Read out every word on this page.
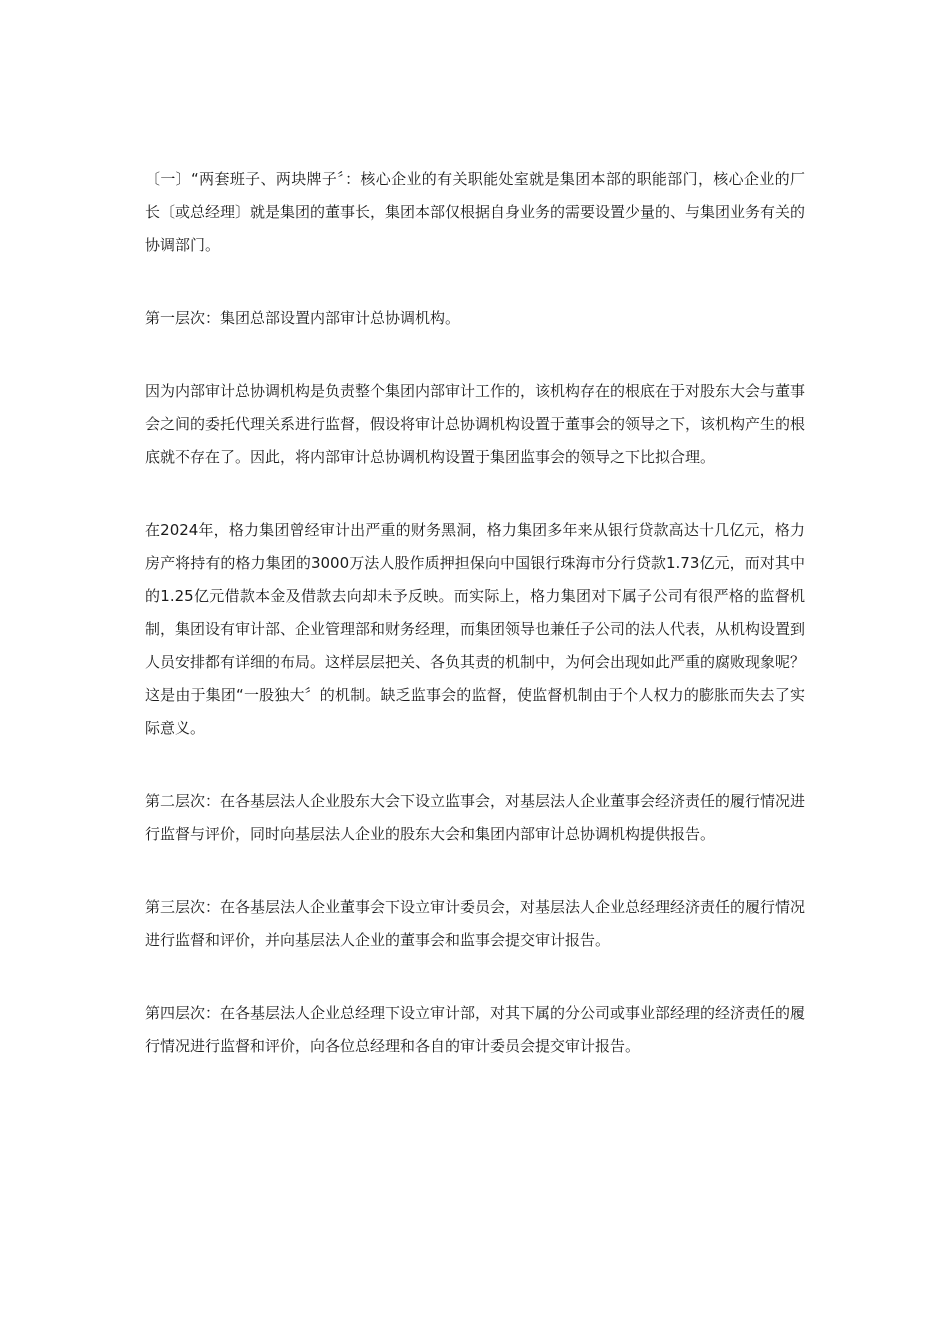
〔一〕“两套班子、两块牌子〞：核心企业的有关职能处室就是集团本部的职能部门，核心企业的厂长〔或总经理〕就是集团的董事长，集团本部仅根据自身业务的需要设置少量的、与集团业务有关的协调部门。

第一层次：集团总部设置内部审计总协调机构。

因为内部审计总协调机构是负责整个集团内部审计工作的，该机构存在的根底在于对股东大会与董事会之间的委托代理关系进行监督，假设将审计总协调机构设置于董事会的领导之下，该机构产生的根底就不存在了。因此，将内部审计总协调机构设置于集团监事会的领导之下比拟合理。

在2024年，格力集团曾经审计出严重的财务黑洞，格力集团多年来从银行贷款高达十几亿元，格力房产将持有的格力集团的3000万法人股作质押担保向中国银行珠海市分行贷款1.73亿元，而对其中的1.25亿元借款本金及借款去向却未予反映。而实际上，格力集团对下属子公司有很严格的监督机制，集团设有审计部、企业管理部和财务经理，而集团领导也兼任子公司的法人代表，从机构设置到人员安排都有详细的布局。这样层层把关、各负其责的机制中，为何会出现如此严重的腐败现象呢？这是由于集团“一股独大〞的机制。缺乏监事会的监督，使监督机制由于个人权力的膨胀而失去了实际意义。

第二层次：在各基层法人企业股东大会下设立监事会，对基层法人企业董事会经济责任的履行情况进行监督与评价，同时向基层法人企业的股东大会和集团内部审计总协调机构提供报告。

第三层次：在各基层法人企业董事会下设立审计委员会，对基层法人企业总经理经济责任的履行情况进行监督和评价，并向基层法人企业的董事会和监事会提交审计报告。

第四层次：在各基层法人企业总经理下设立审计部，对其下属的分公司或事业部经理的经济责任的履行情况进行监督和评价，向各位总经理和各自的审计委员会提交审计报告。
